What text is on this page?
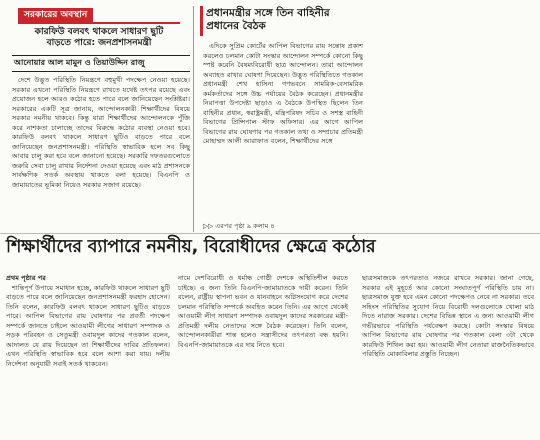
সরকারের অবস্থান

কারফিউ বলবৎ থাকলে সাধারণ ছুটি

বাড়তে পারে: জনপ্রশাসনমন্ত্রী

আনোয়ার আল মামুন ও তিয়াউদ্দিন রাজু

দেশে উদ্ভূত পরিস্থিতি নিয়ন্ত্রণে বহুমুখী পদক্ষেপ নেওয়া হয়েছে। সরকার এখনো পরিস্থিতি নিয়ন্ত্রণে রাখতে যথেষ্ট তৎপর রয়েছে এবং প্রয়োজন হলে আরও কঠোর হতে পারে বলে জানিয়েছেন সংশ্লিষ্টরা। সরকারের একটি সূত্র জানায়, আন্দোলনকারী শিক্ষার্থীদের বিষয়ে সরকার নমনীয় থাকবে। কিন্তু যারা শিক্ষার্থীদের আন্দোলনকে পুঁজি করে নাশকতা চালাচ্ছে তাদের বিরুদ্ধে কঠোর ব্যবস্থা নেওয়া হবে। কারফিউ বলবৎ থাকলে সাধারণ ছুটিও বাড়তে পারে বলে জানিয়েছেন জনপ্রশাসনমন্ত্রী। পরিস্থিতি স্বাভাবিক হলে সব কিছু আবার চালু করা হবে বলে জানানো হয়েছে। সরকারি দফতরগুলোতে জরুরি সেবা চালু রাখার নির্দেশনা দেওয়া হয়েছে এবং মাঠ প্রশাসনকে সার্বক্ষণিক সতর্ক অবস্থায় থাকতে বলা হয়েছে। বিএনপি ও জামায়াতের ভূমিকা নিয়েও সরকার সজাগ রয়েছে।

প্রধানমন্ত্রীর সঙ্গে তিন বাহিনীর
প্রধানের বৈঠক

এদিকে সুপ্রিম কোর্টের আপিল বিভাগের রায় সন্তোষ প্রকাশ করলেও চলমান কোটা সংস্কার আন্দোলন সম্পর্কে কোনো কিছু স্পষ্ট করেনি বৈষম্যবিরোধী ছাত্র আন্দোলন। তারা আন্দোলন অব্যাহত রাখার ঘোষণা দিয়েছেন। উদ্ভূত পরিস্থিতিতে গতকাল প্রধানমন্ত্রী শেখ হাসিনা গণভবনে সামরিক-বেসামরিক কর্মকর্তাদের সঙ্গে উচ্চ পর্যায়ের বৈঠক করেছেন। প্রধানমন্ত্রীর নিরাপত্তা উপদেষ্টা ছাড়াও এ বৈঠকে উপস্থিত ছিলেন তিন বাহিনীর প্রধান, স্বরাষ্ট্রমন্ত্রী, মন্ত্রিপরিষদ সচিব ও সশস্ত্র বাহিনী বিভাগের প্রিন্সিপাল স্টাফ অফিসার। এর আগে আপিল বিভাগের রায় ঘোষণার পর গতকাল তথ্য ও সম্প্রচার প্রতিমন্ত্রী মোহাম্মদ আলী আরাফাত বলেন, শিক্ষার্থীদের সঙ্গে

▷▷ এরপর পৃষ্ঠা ৯ কলাম ৪
শিক্ষার্থীদের ব্যাপারে নমনীয়, বিরোধীদের ক্ষেত্রে কঠোর
প্রথম পৃষ্ঠার পর

শান্তিপূর্ণ উপায়ে সমাধান হচ্ছে, কারফিউ থাকলে সাধারণ ছুটি বাড়তে পারে বলে জানিয়েছেন জনপ্রশাসনমন্ত্রী ফরহাদ হোসেন। তিনি বলেন, কারফিউ বলবৎ থাকলে সাধারণ ছুটিও বাড়তে পারে। আপিল বিভাগের রায় ঘোষণার পর প্রবর্তী পদক্ষেপ সম্পর্কে জানতে চাইলে আওয়ামী লীগের সাধারণ সম্পাদক ও সড়ক পরিবহন ও সেতুমন্ত্রী ওবায়দুল কাদের গতকাল বলেন, আদালত যে রায় দিয়েছেন তা শিক্ষার্থীদের দাবির প্রতিফলন। এখন পরিস্থিতি স্বাভাবিক হবে বলে আশা করা যায়। দলীয় নির্দেশনা অনুযায়ী সবাই সতর্ক থাকবেন।

নামে দেশবিরোধী ও ধর্মান্ধ গোষ্ঠী দেশকে অস্থিতিশীল করতে চাইছে। এ জন্য তিনি বিএনপি-জামায়াতকে দায়ী করেন। তিনি বলেন, রাষ্ট্রীয় স্থাপনা ভবন ও যানবাহনে অগ্নিসংযোগ করে দেশের চলমান পরিস্থিতি সম্পর্কে অবহিত করেন তিনি। এর আগে থেকেই আওয়ামী লীগ সাধারণ সম্পাদক ওবায়দুল কাদের সরকারের মন্ত্রী-প্রতিমন্ত্রী দলীয় নেতাদের সঙ্গে বৈঠক করেছেন। তিনি বলেন, আন্দোলনকারীরা শান্ত হলেও সন্ত্রাসীদের তৎপরতা বন্ধ হয়নি। বিএনপি-জামায়াতকে এর দায় নিতে হবে।

ছাত্রসমাজকে তৎপরতাও নজরে রাখবে সরকার। জানা গেছে, সরকার এই মুহূর্তে আর কোনো সংঘাতপূর্ণ পরিস্থিতি চায় না। ছাত্রসমাজ যুক্ত হবে এমন কোনো পদক্ষেপও নেবে না সরকার। তবে সহিংস পরিস্থিতির সুযোগ নিয়ে বিরোধী দলগুলোকে খোলা মাঠ দিতে নারাজ সরকার। দেশের বিভিন্ন স্থানে এ জন্য আওয়ামী লীগ গভীরভাবে পরিস্থিতি পর্যবেক্ষণ করছে। কোটা সংস্কার বিষয়ে আপিল বিভাগের রায় ঘোষণার পর গতকাল বেলা ৩টা থেকে কারফিউ শিথিল করা হয়। আওয়ামী লীগ নেতারা রাজনৈতিকভাবে পরিস্থিতি মোকাবিলার প্রস্তুতি নিচ্ছেন।
